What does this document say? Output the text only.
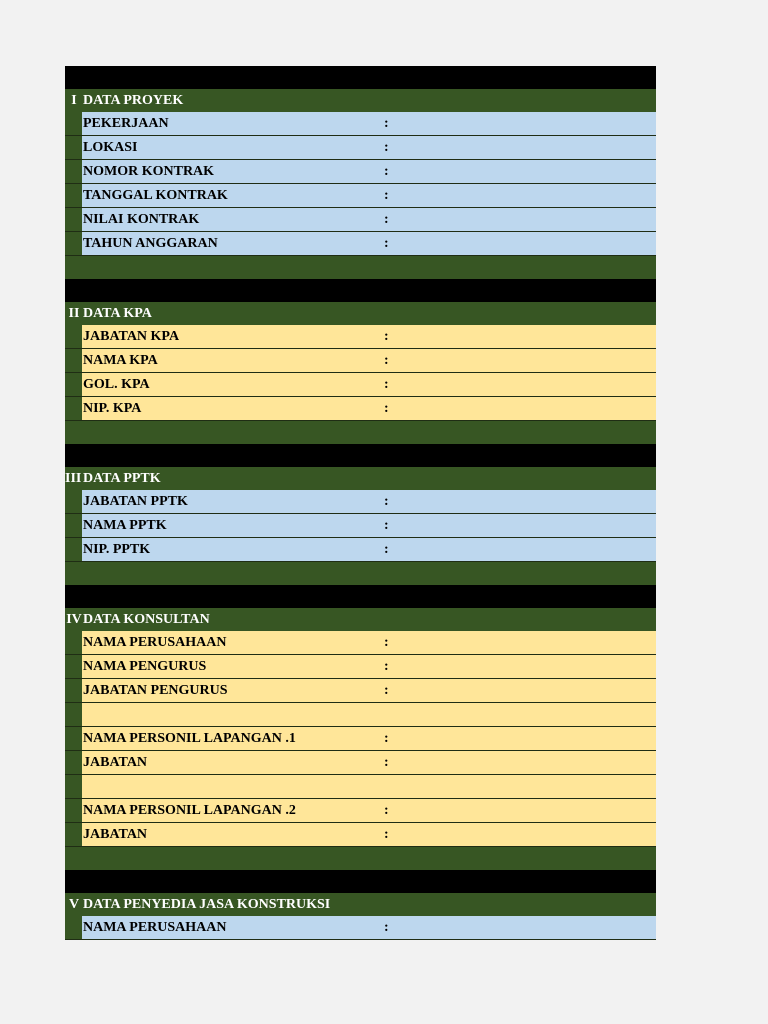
I DATA PROYEK
PEKERJAAN	:
LOKASI	:
NOMOR KONTRAK	:
TANGGAL KONTRAK	:
NILAI KONTRAK	:
TAHUN ANGGARAN	:
II DATA KPA
JABATAN KPA	:
NAMA KPA	:
GOL. KPA	:
NIP. KPA	:
III DATA PPTK
JABATAN PPTK	:
NAMA PPTK	:
NIP. PPTK	:
IV DATA KONSULTAN
NAMA PERUSAHAAN	:
NAMA PENGURUS	:
JABATAN PENGURUS	:
NAMA PERSONIL LAPANGAN .1	:
JABATAN	:
NAMA PERSONIL LAPANGAN .2	:
JABATAN	:
V DATA PENYEDIA JASA KONSTRUKSI
NAMA PERUSAHAAN	:
